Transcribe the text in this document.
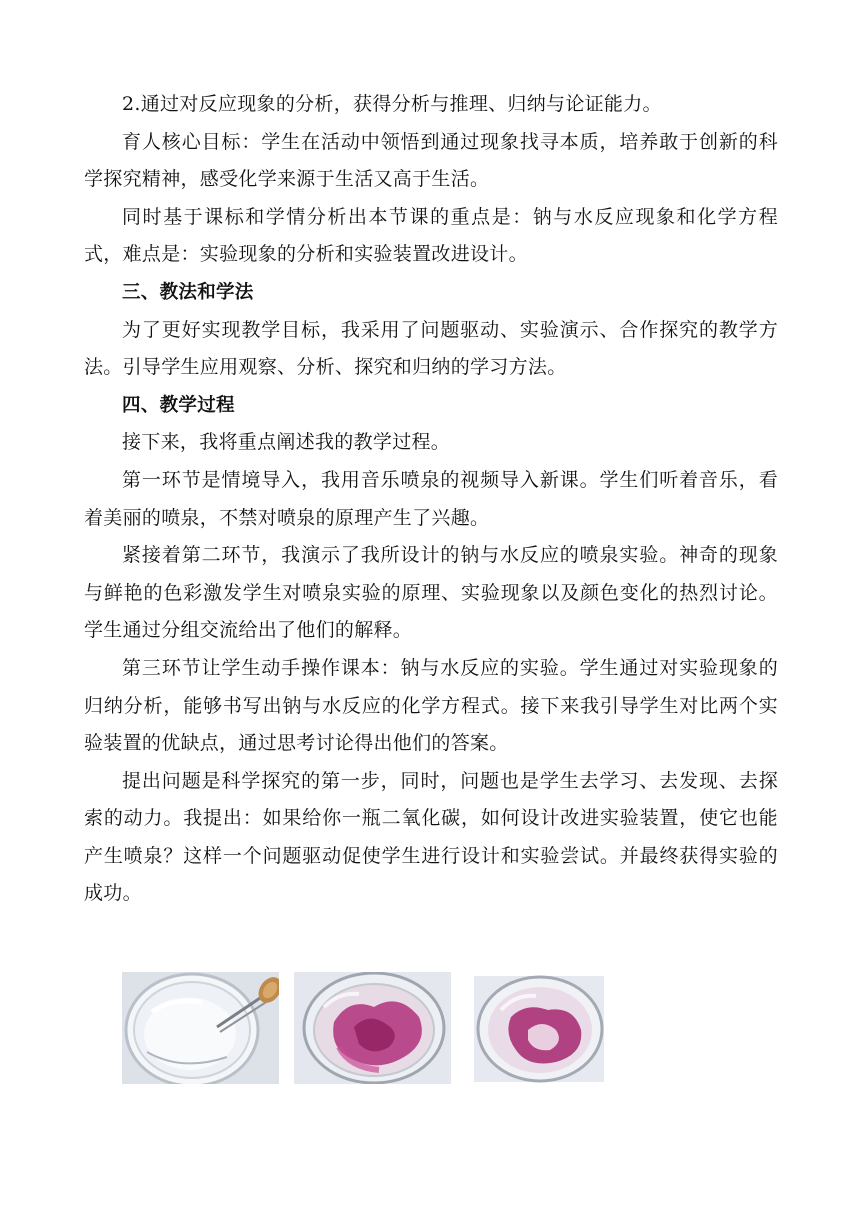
2.通过对反应现象的分析，获得分析与推理、归纳与论证能力。

育人核心目标：学生在活动中领悟到通过现象找寻本质，培养敢于创新的科学探究精神，感受化学来源于生活又高于生活。

同时基于课标和学情分析出本节课的重点是：钠与水反应现象和化学方程式，难点是：实验现象的分析和实验装置改进设计。

三、教法和学法

为了更好实现教学目标，我采用了问题驱动、实验演示、合作探究的教学方法。引导学生应用观察、分析、探究和归纳的学习方法。

四、教学过程

接下来，我将重点阐述我的教学过程。

第一环节是情境导入，我用音乐喷泉的视频导入新课。学生们听着音乐，看着美丽的喷泉，不禁对喷泉的原理产生了兴趣。

紧接着第二环节，我演示了我所设计的钠与水反应的喷泉实验。神奇的现象与鲜艳的色彩激发学生对喷泉实验的原理、实验现象以及颜色变化的热烈讨论。学生通过分组交流给出了他们的解释。

第三环节让学生动手操作课本：钠与水反应的实验。学生通过对实验现象的归纳分析，能够书写出钠与水反应的化学方程式。接下来我引导学生对比两个实验装置的优缺点，通过思考讨论得出他们的答案。

提出问题是科学探究的第一步，同时，问题也是学生去学习、去发现、去探索的动力。我提出：如果给你一瓶二氧化碳，如何设计改进实验装置，使它也能产生喷泉？这样一个问题驱动促使学生进行设计和实验尝试。并最终获得实验的成功。
